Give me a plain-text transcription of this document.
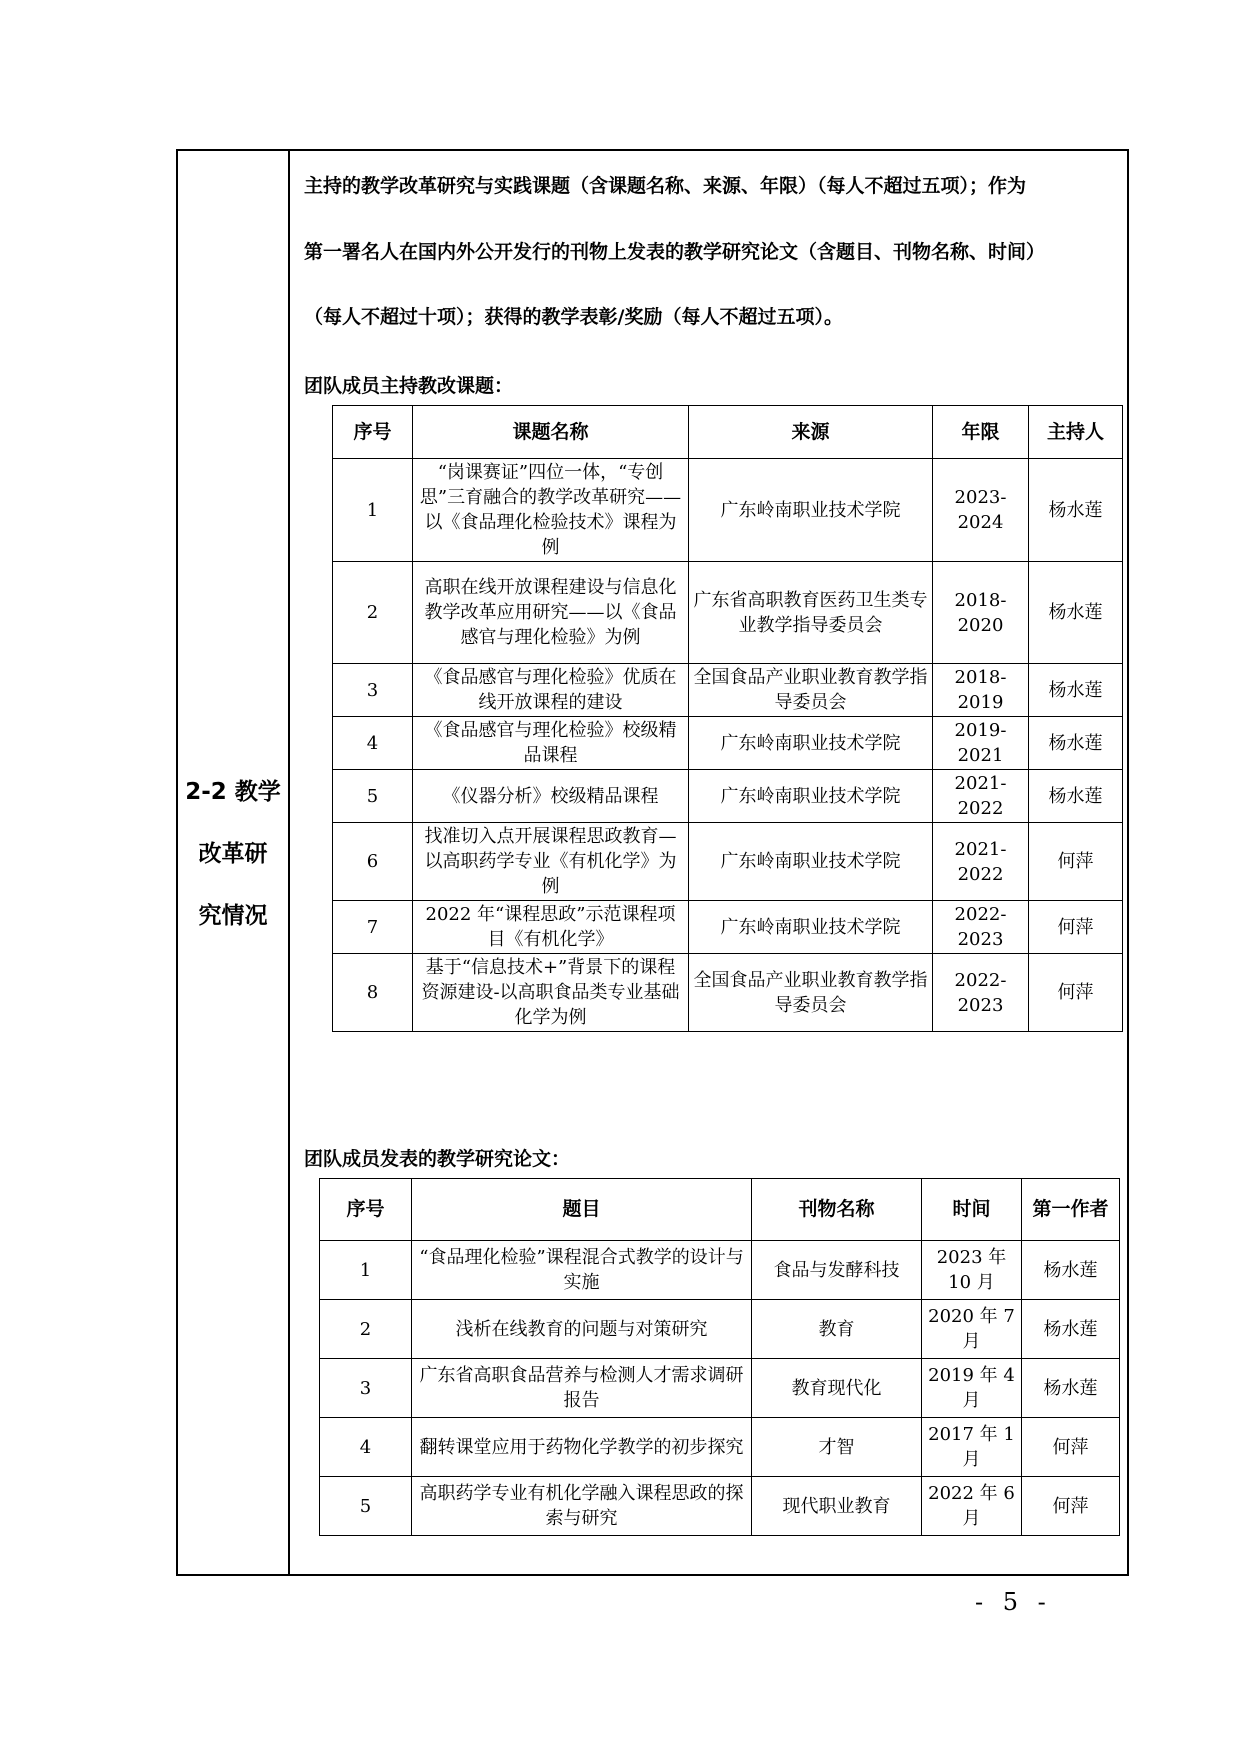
2-2 教学
改革研
究情况
主持的教学改革研究与实践课题（含课题名称、来源、年限）（每人不超过五项）；作为
第一署名人在国内外公开发行的刊物上发表的教学研究论文（含题目、刊物名称、时间）
（每人不超过十项）；获得的教学表彰/奖励（每人不超过五项）。
团队成员主持教改课题：
序号	课题名称	来源	年限	主持人
1	“岗课赛证”四位一体，“专创思”三育融合的教学改革研究——以《食品理化检验技术》课程为例	广东岭南职业技术学院	2023-2024	杨水莲
2	高职在线开放课程建设与信息化教学改革应用研究——以《食品感官与理化检验》为例	广东省高职教育医药卫生类专业教学指导委员会	2018-2020	杨水莲
3	《食品感官与理化检验》优质在线开放课程的建设	全国食品产业职业教育教学指导委员会	2018-2019	杨水莲
4	《食品感官与理化检验》校级精品课程	广东岭南职业技术学院	2019-2021	杨水莲
5	《仪器分析》校级精品课程	广东岭南职业技术学院	2021-2022	杨水莲
6	找准切入点开展课程思政教育—以高职药学专业《有机化学》为例	广东岭南职业技术学院	2021-2022	何萍
7	2022 年“课程思政”示范课程项目《有机化学》	广东岭南职业技术学院	2022-2023	何萍
8	基于“信息技术+”背景下的课程资源建设-以高职食品类专业基础化学为例	全国食品产业职业教育教学指导委员会	2022-2023	何萍
团队成员发表的教学研究论文：
序号	题目	刊物名称	时间	第一作者
1	“食品理化检验”课程混合式教学的设计与实施	食品与发酵科技	2023 年 10 月	杨水莲
2	浅析在线教育的问题与对策研究	教育	2020 年 7 月	杨水莲
3	广东省高职食品营养与检测人才需求调研报告	教育现代化	2019 年 4 月	杨水莲
4	翻转课堂应用于药物化学教学的初步探究	才智	2017 年 1 月	何萍
5	高职药学专业有机化学融入课程思政的探索与研究	现代职业教育	2022 年 6 月	何萍
- 5 -
